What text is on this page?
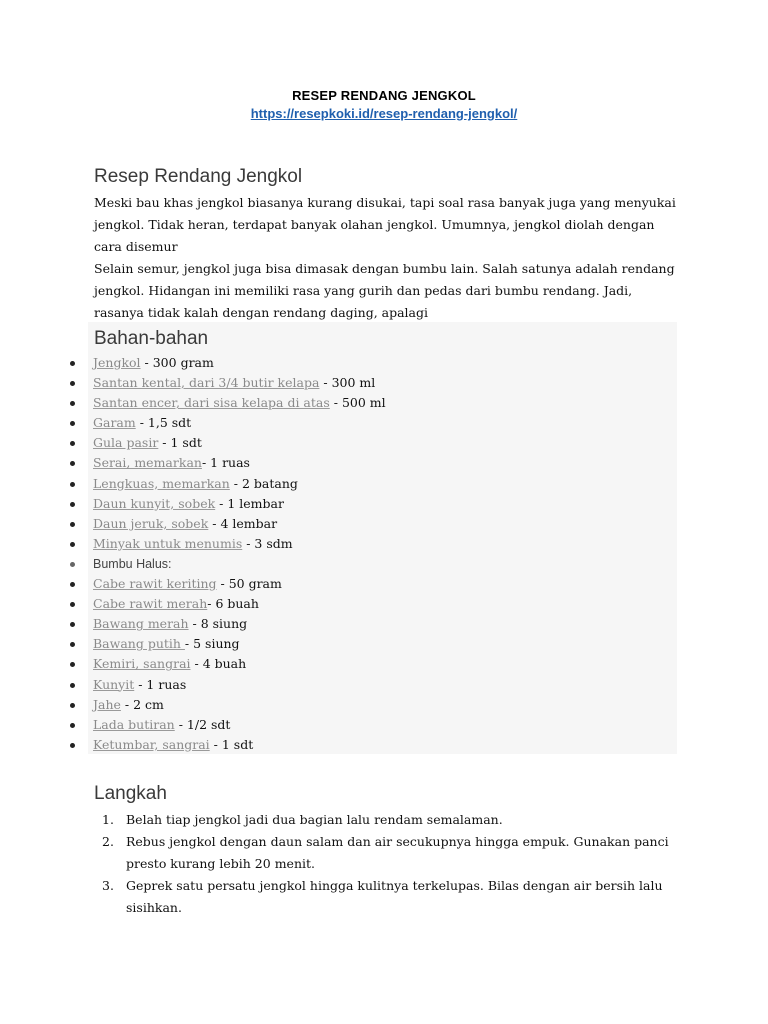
RESEP RENDANG JENGKOL
https://resepkoki.id/resep-rendang-jengkol/
Resep Rendang Jengkol

Meski bau khas jengkol biasanya kurang disukai, tapi soal rasa banyak juga yang menyukai jengkol. Tidak heran, terdapat banyak olahan jengkol. Umumnya, jengkol diolah dengan cara disemur

Selain semur, jengkol juga bisa dimasak dengan bumbu lain. Salah satunya adalah rendang jengkol. Hidangan ini memiliki rasa yang gurih dan pedas dari bumbu rendang. Jadi, rasanya tidak kalah dengan rendang daging, apalagi

Bahan-bahan
Jengkol - 300 gram
Santan kental, dari 3/4 butir kelapa - 300 ml
Santan encer, dari sisa kelapa di atas - 500 ml
Garam - 1,5 sdt
Gula pasir - 1 sdt
Serai, memarkan- 1 ruas
Lengkuas, memarkan - 2 batang
Daun kunyit, sobek - 1 lembar
Daun jeruk, sobek - 4 lembar
Minyak untuk menumis - 3 sdm
Bumbu Halus:
Cabe rawit keriting - 50 gram
Cabe rawit merah- 6 buah
Bawang merah - 8 siung
Bawang putih - 5 siung
Kemiri, sangrai - 4 buah
Kunyit - 1 ruas
Jahe - 2 cm
Lada butiran - 1/2 sdt
Ketumbar, sangrai - 1 sdt
Langkah
1. Belah tiap jengkol jadi dua bagian lalu rendam semalaman.
2. Rebus jengkol dengan daun salam dan air secukupnya hingga empuk. Gunakan panci presto kurang lebih 20 menit.
3. Geprek satu persatu jengkol hingga kulitnya terkelupas. Bilas dengan air bersih lalu sisihkan.
